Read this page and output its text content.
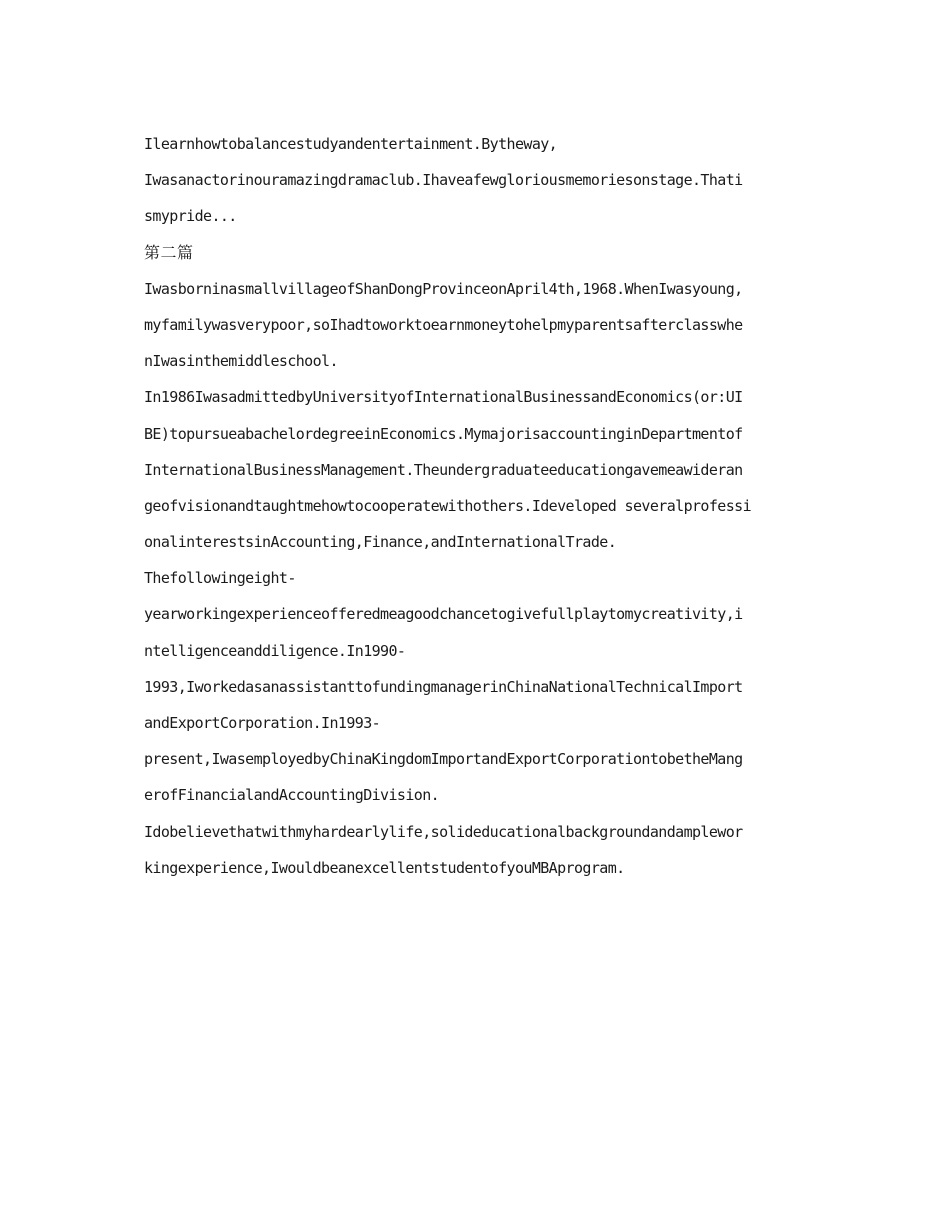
Ilearnhowtobalancestudyandentertainment.Bytheway,
Iwasanactorinouramazingdramaclub.Ihaveafewgloriousmemoriesonstage.Thati
smypride...
第二篇
IwasborninasmallvillageofShanDongProvinceonApril4th,1968.WhenIwasyoung,
myfamilywasverypoor,soIhadtoworktoearnmoneytohelpmyparentsafterclasswhe
nIwasinthemiddleschool.
In1986IwasadmittedbyUniversityofInternationalBusinessandEconomics(or:UI
BE)topursueabachelordegreeinEconomics.MymajorisaccountinginDepartmentof
InternationalBusinessManagement.Theundergraduateeducationgavemeawideran
geofvisionandtaughtmehowtocooperatewithothers.Ideveloped severalprofessi
onalinterestsinAccounting,Finance,andInternationalTrade.
Thefollowingeight-
yearworkingexperienceofferedmeagoodchancetogivefullplaytomycreativity,i
ntelligenceanddiligence.In1990-
1993,IworkedasanassistanttofundingmanagerinChinaNationalTechnicalImport
andExportCorporation.In1993-
present,IwasemployedbyChinaKingdomImportandExportCorporationtobetheMang
erofFinancialandAccountingDivision.
Idobelievethatwithmyhardearlylife,solideducationalbackgroundandamplewor
kingexperience,IwouldbeanexcellentstudentofyouMBAprogram.
